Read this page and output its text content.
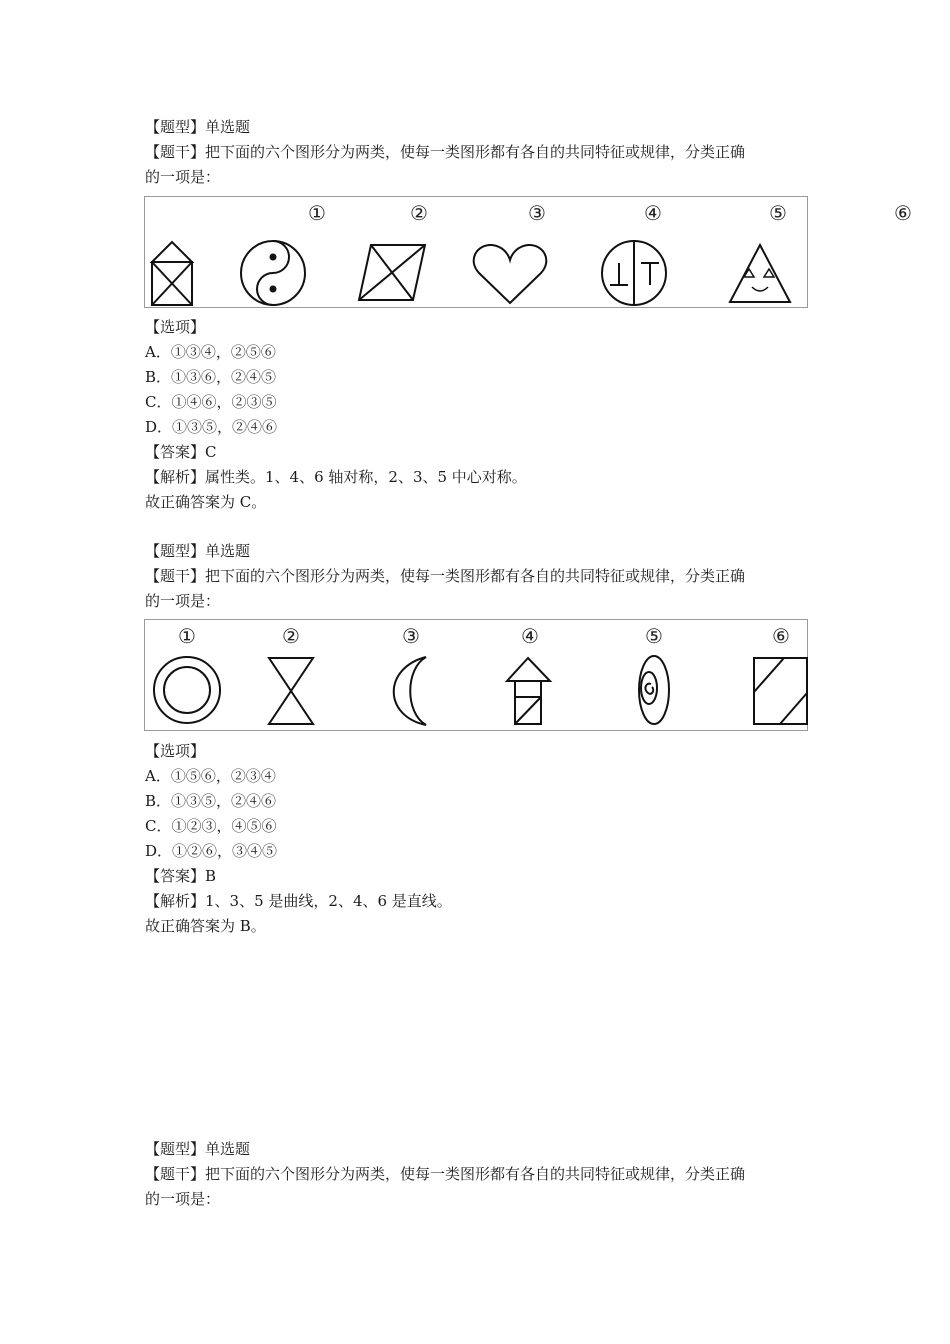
【题型】单选题
【题干】把下面的六个图形分为两类，使每一类图形都有各自的共同特征或规律，分类正确
的一项是：
①	②	③	④	⑤	⑥
【选项】
A．①③④，②⑤⑥
B．①③⑥，②④⑤
C．①④⑥，②③⑤
D．①③⑤，②④⑥
【答案】C
【解析】属性类。1、4、6 轴对称，2、3、5 中心对称。
故正确答案为 C。
【题型】单选题
【题干】把下面的六个图形分为两类，使每一类图形都有各自的共同特征或规律，分类正确
的一项是：
①	②	③	④	⑤	⑥
【选项】
A．①⑤⑥，②③④
B．①③⑤，②④⑥
C．①②③，④⑤⑥
D．①②⑥，③④⑤
【答案】B
【解析】1、3、5 是曲线，2、4、6 是直线。
故正确答案为 B。
【题型】单选题
【题干】把下面的六个图形分为两类，使每一类图形都有各自的共同特征或规律，分类正确
的一项是：
